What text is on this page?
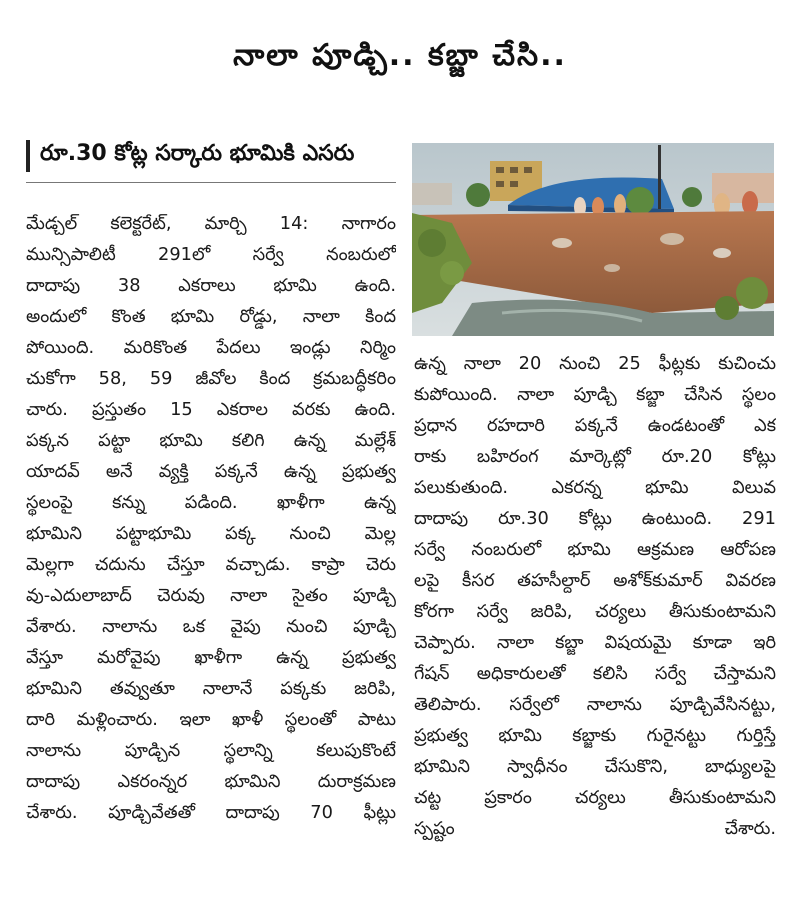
నాలా పూడ్చి.. కబ్జా చేసి..
రూ.30 కోట్ల సర్కారు భూమికి ఎసరు
మేడ్చల్ కలెక్టరేట్, మార్చి 14: నాగారం
మున్సిపాలిటీ 291లో సర్వే నంబరులో
దాదాపు 38 ఎకరాలు భూమి ఉంది.
అందులో కొంత భూమి రోడ్డు, నాలా కింద
పోయింది. మరికొంత పేదలు ఇండ్లు నిర్మిం
చుకోగా 58, 59 జీవోల కింద క్రమబద్ధీకరిం
చారు. ప్రస్తుతం 15 ఎకరాల వరకు ఉంది.
పక్కన పట్టా భూమి కలిగి ఉన్న మల్లేశ్
యాదవ్ అనే వ్యక్తి పక్కనే ఉన్న ప్రభుత్వ
స్థలంపై కన్ను పడింది. ఖాళీగా ఉన్న
భూమిని పట్టాభూమి పక్క నుంచి మెల్ల
మెల్లగా చదును చేస్తూ వచ్చాడు. కాప్రా చెరు
వు-ఎదులాబాద్ చెరువు నాలా సైతం పూడ్చి
వేశారు. నాలాను ఒక వైపు నుంచి పూడ్చి
వేస్తూ మరోవైపు ఖాళీగా ఉన్న ప్రభుత్వ
భూమిని తవ్వుతూ నాలానే పక్కకు జరిపి,
దారి మళ్లించారు. ఇలా ఖాళీ స్థలంతో పాటు
నాలాను పూడ్చిన స్థలాన్ని కలుపుకొంటే
దాదాపు ఎకరంన్నర భూమిని దురాక్రమణ
చేశారు. పూడ్చివేతతో దాదాపు 70 ఫీట్లు
ఉన్న నాలా 20 నుంచి 25 ఫీట్లకు కుచించు
కుపోయింది. నాలా పూడ్చి కబ్జా చేసిన స్థలం
ప్రధాన రహదారి పక్కనే ఉండటంతో ఎక
రాకు బహిరంగ మార్కెట్లో రూ.20 కోట్లు
పలుకుతుంది. ఎకరన్న భూమి విలువ
దాదాపు రూ.30 కోట్లు ఉంటుంది. 291
సర్వే నంబరులో భూమి ఆక్రమణ ఆరోపణ
లపై కీసర తహసీల్దార్ అశోక్‌కుమార్ వివరణ
కోరగా సర్వే జరిపి, చర్యలు తీసుకుంటామని
చెప్పారు. నాలా కబ్జా విషయమై కూడా ఇరి
గేషన్ అధికారులతో కలిసి సర్వే చేస్తామని
తెలిపారు. సర్వేలో నాలాను పూడ్చివేసినట్టు,
ప్రభుత్వ భూమి కబ్జాకు గురైనట్టు గుర్తిస్తే
భూమిని స్వాధీనం చేసుకొని, బాధ్యులపై
చట్ట ప్రకారం చర్యలు తీసుకుంటామని
స్పష్టం చేశారు.
